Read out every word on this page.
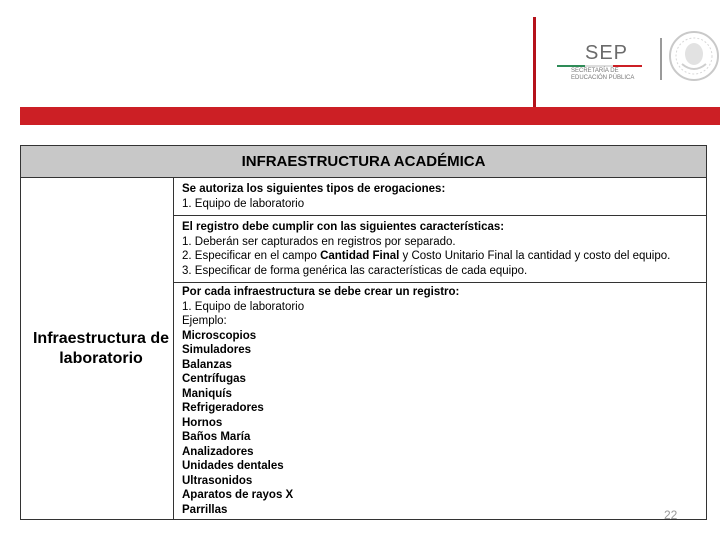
SEP
SECRETARÍA DE
EDUCACIÓN PÚBLICA
INFRAESTRUCTURA ACADÉMICA
Infraestructura de laboratorio	
Se autoriza los siguientes tipos de erogaciones:
1. Equipo de laboratorio

El registro debe cumplir con las siguientes características:
1. Deberán ser capturados en registros por separado.
2. Especificar en el campo Cantidad Final y Costo Unitario Final la cantidad y costo del equipo.
3. Especificar de forma genérica las características de cada equipo.

Por cada infraestructura se debe crear un registro:
1. Equipo de laboratorio
Ejemplo:
Microscopios
Simuladores
Balanzas
Centrífugas
Maniquís
Refrigeradores
Hornos
Baños María
Analizadores
Unidades dentales
Ultrasonidos
Aparatos de rayos X
Parrillas	22
